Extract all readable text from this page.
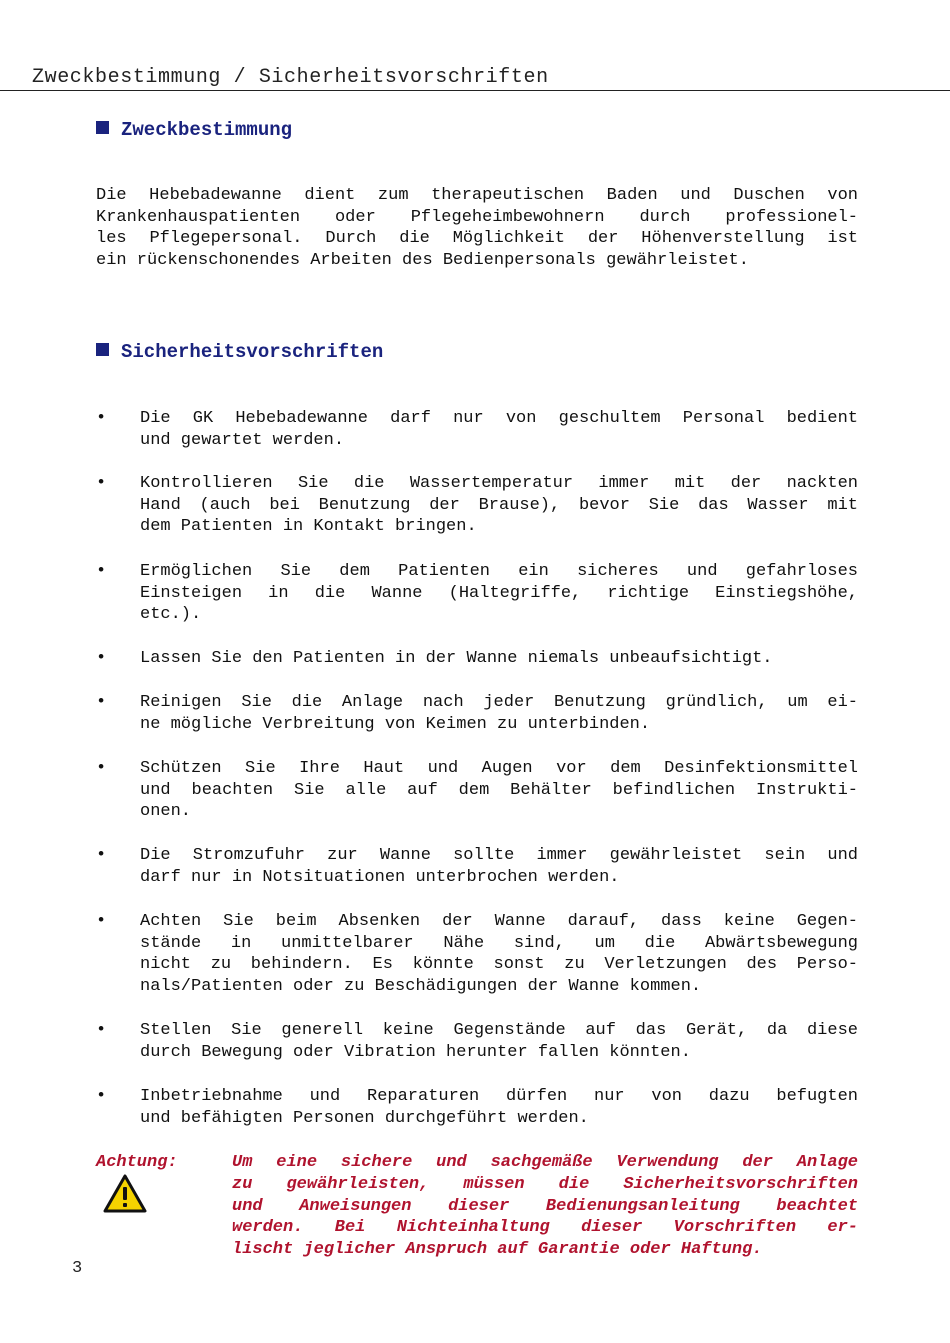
Zweckbestimmung / Sicherheitsvorschriften
Zweckbestimmung
Die Hebebadewanne dient zum therapeutischen Baden und Duschen von
Krankenhauspatienten oder Pflegeheimbewohnern durch professionel-
les Pflegepersonal. Durch die Möglichkeit der Höhenverstellung ist
ein rückenschonendes Arbeiten des Bedienpersonals gewährleistet.
Sicherheitsvorschriften
• Die GK Hebebadewanne darf nur von geschultem Personal bedient
und gewartet werden.
• Kontrollieren Sie die Wassertemperatur immer mit der nackten
Hand (auch bei Benutzung der Brause), bevor Sie das Wasser mit
dem Patienten in Kontakt bringen.
• Ermöglichen Sie dem Patienten ein sicheres und gefahrloses
Einsteigen in die Wanne (Haltegriffe, richtige Einstiegshöhe,
etc.).
• Lassen Sie den Patienten in der Wanne niemals unbeaufsichtigt.
• Reinigen Sie die Anlage nach jeder Benutzung gründlich, um ei-
ne mögliche Verbreitung von Keimen zu unterbinden.
• Schützen Sie Ihre Haut und Augen vor dem Desinfektionsmittel
und beachten Sie alle auf dem Behälter befindlichen Instrukti-
onen.
• Die Stromzufuhr zur Wanne sollte immer gewährleistet sein und
darf nur in Notsituationen unterbrochen werden.
• Achten Sie beim Absenken der Wanne darauf, dass keine Gegen-
stände in unmittelbarer Nähe sind, um die Abwärtsbewegung
nicht zu behindern. Es könnte sonst zu Verletzungen des Perso-
nals/Patienten oder zu Beschädigungen der Wanne kommen.
• Stellen Sie generell keine Gegenstände auf das Gerät, da diese
durch Bewegung oder Vibration herunter fallen könnten.
• Inbetriebnahme und Reparaturen dürfen nur von dazu befugten
und befähigten Personen durchgeführt werden.
Achtung:	Um eine sichere und sachgemäße Verwendung der Anlage
zu gewährleisten, müssen die Sicherheitsvorschriften
und Anweisungen dieser Bedienungsanleitung beachtet
werden. Bei Nichteinhaltung dieser Vorschriften er-
lischt jeglicher Anspruch auf Garantie oder Haftung.
3
